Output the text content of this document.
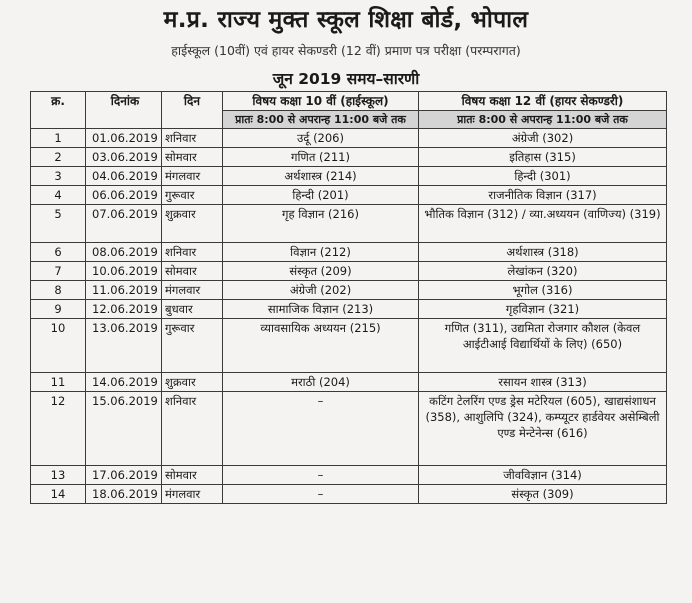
म.प्र. राज्य मुक्त स्कूल शिक्षा बोर्ड, भोपाल
हाईस्कूल (10वीं) एवं हायर सेकण्डरी (12 वीं) प्रमाण पत्र परीक्षा (परम्परागत)
जून 2019 समय–सारणी
क्र.	दिनांक	दिन	विषय कक्षा 10 वीं (हाईस्कूल)	विषय कक्षा 12 वीं (हायर सेकण्डरी)
			प्रातः 8:00 से अपरान्ह 11:00 बजे तक	प्रातः 8:00 से अपरान्ह 11:00 बजे तक
1	01.06.2019	शनिवार	उर्दू (206)	अंग्रेजी (302)
2	03.06.2019	सोमवार	गणित (211)	इतिहास (315)
3	04.06.2019	मंगलवार	अर्थशास्त्र (214)	हिन्दी (301)
4	06.06.2019	गुरूवार	हिन्दी (201)	राजनीतिक विज्ञान (317)
5	07.06.2019	शुक्रवार	गृह विज्ञान (216)	भौतिक विज्ञान (312) / व्या.अध्ययन (वाणिज्य) (319)
6	08.06.2019	शनिवार	विज्ञान (212)	अर्थशास्त्र (318)
7	10.06.2019	सोमवार	संस्कृत (209)	लेखांकन (320)
8	11.06.2019	मंगलवार	अंग्रेजी (202)	भूगोल (316)
9	12.06.2019	बुधवार	सामाजिक विज्ञान (213)	गृहविज्ञान (321)
10	13.06.2019	गुरूवार	व्यावसायिक अध्ययन (215)	गणित (311), उद्यमिता रोजगार कौशल (केवल आईटीआई विद्यार्थियों के लिए) (650)
11	14.06.2019	शुक्रवार	मराठी (204)	रसायन शास्त्र (313)
12	15.06.2019	शनिवार	–	कटिंग टेलरिंग एण्ड ड्रेस मटेरियल (605), खाद्यसंशाधन (358), आशुलिपि (324), कम्प्यूटर हार्डवेयर असेम्बिली एण्ड मेन्टेनेन्स (616)
13	17.06.2019	सोमवार	–	जीवविज्ञान (314)
14	18.06.2019	मंगलवार	–	संस्कृत (309)
